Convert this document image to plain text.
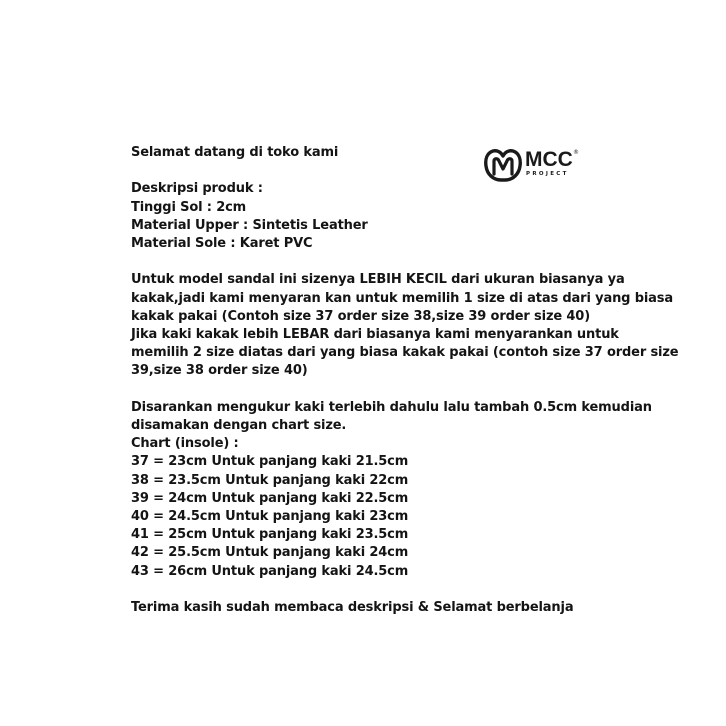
MCC ®
PROJECT
Selamat datang di toko kami
Deskripsi produk :
Tinggi Sol : 2cm
Material Upper : Sintetis Leather
Material Sole : Karet PVC
Untuk model sandal ini sizenya LEBIH KECIL dari ukuran biasanya ya
kakak,jadi kami menyaran kan untuk memilih 1 size di atas dari yang biasa
kakak pakai (Contoh size 37 order size 38,size 39 order size 40)
Jika kaki kakak lebih LEBAR dari biasanya kami menyarankan untuk
memilih 2 size diatas dari yang biasa kakak pakai (contoh size 37 order size
39,size 38 order size 40)
Disarankan mengukur kaki terlebih dahulu lalu tambah 0.5cm kemudian
disamakan dengan chart size.
Chart (insole) :
37 = 23cm Untuk panjang kaki 21.5cm
38 = 23.5cm Untuk panjang kaki 22cm
39 = 24cm Untuk panjang kaki 22.5cm
40 = 24.5cm Untuk panjang kaki 23cm
41 = 25cm Untuk panjang kaki 23.5cm
42 = 25.5cm Untuk panjang kaki 24cm
43 = 26cm Untuk panjang kaki 24.5cm
Terima kasih sudah membaca deskripsi & Selamat berbelanja
